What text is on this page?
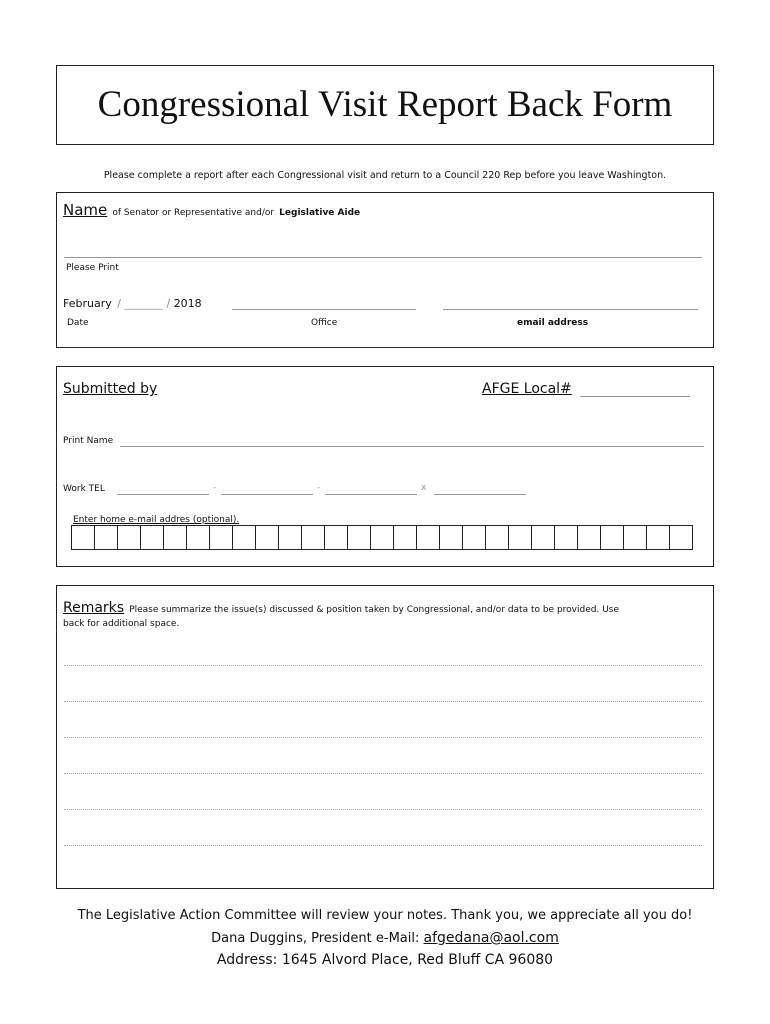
Congressional Visit Report Back Form
Please complete a report after each Congressional visit and return to a Council 220 Rep before you leave Washington.
Name of Senator or Representative and/or Legislative Aide
Please Print
February / _______ / 2018
Date	Office	email address
Submitted by	AFGE Local#
Print Name
Work TEL	-	-	x
Enter home e-mail addres (optional).
Remarks Please summarize the issue(s) discussed & position taken by Congressional, and/or data to be provided. Use
back for additional space.
The Legislative Action Committee will review your notes. Thank you, we appreciate all you do!
Dana Duggins, President e-Mail: afgedana@aol.com
Address: 1645 Alvord Place, Red Bluff CA 96080
